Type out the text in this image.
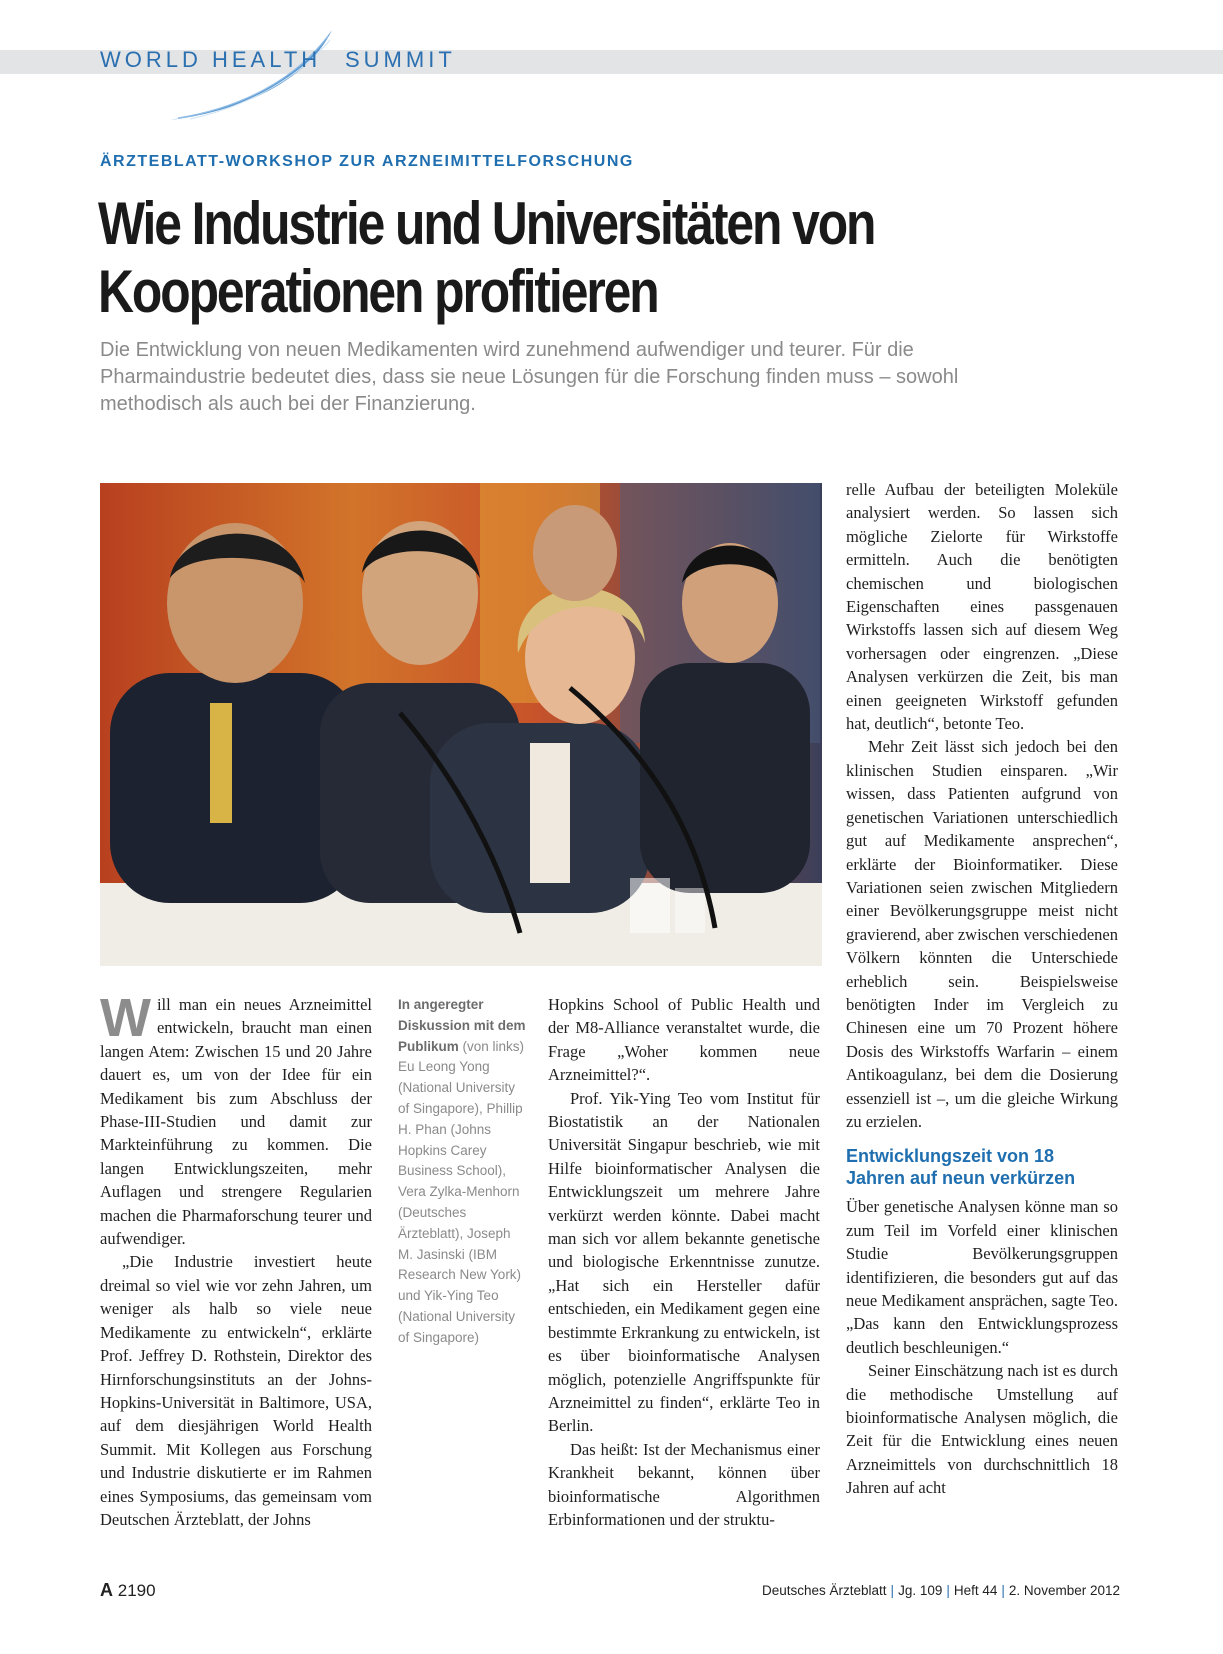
WORLD HEALTH SUMMIT
ÄRZTEBLATT-WORKSHOP ZUR ARZNEIMITTELFORSCHUNG
Wie Industrie und Universitäten von
Kooperationen profitieren
Die Entwicklung von neuen Medikamenten wird zunehmend aufwendiger und teurer. Für die Pharmaindustrie bedeutet dies, dass sie neue Lösungen für die Forschung finden muss – sowohl methodisch als auch bei der Finanzierung.
In angeregter Diskussion mit dem Publikum (von links) Eu Leong Yong (National University of Singapore), Phillip H. Phan (Johns Hopkins Carey Business School), Vera Zylka-Menhorn (Deutsches Ärzteblatt), Joseph M. Jasinski (IBM Research New York) und Yik-Ying Teo (National University of Singapore)

Will man ein neues Arzneimittel entwickeln, braucht man einen langen Atem: Zwischen 15 und 20 Jahre dauert es, um von der Idee für ein Medikament bis zum Abschluss der Phase-III-Studien und damit zur Markteinführung zu kommen. Die langen Entwicklungszeiten, mehr Auflagen und strengere Regularien machen die Pharmaforschung teurer und aufwendiger.

„Die Industrie investiert heute dreimal so viel wie vor zehn Jahren, um weniger als halb so viele neue Medikamente zu entwickeln“, erklärte Prof. Jeffrey D. Rothstein, Direktor des Hirnforschungsinstituts an der Johns-Hopkins-Universität in Baltimore, USA, auf dem diesjährigen World Health Summit. Mit Kollegen aus Forschung und Industrie diskutierte er im Rahmen eines Symposiums, das gemeinsam vom Deutschen Ärzteblatt, der Johns

Hopkins School of Public Health und der M8-Alliance veranstaltet wurde, die Frage „Woher kommen neue Arzneimittel?“.

Prof. Yik-Ying Teo vom Institut für Biostatistik an der Nationalen Universität Singapur beschrieb, wie mit Hilfe bioinformatischer Analysen die Entwicklungszeit um mehrere Jahre verkürzt werden könnte. Dabei macht man sich vor allem bekannte genetische und biologische Erkenntnisse zunutze. „Hat sich ein Hersteller dafür entschieden, ein Medikament gegen eine bestimmte Erkrankung zu entwickeln, ist es über bioinformatische Analysen möglich, potenzielle Angriffspunkte für Arzneimittel zu finden“, erklärte Teo in Berlin.

Das heißt: Ist der Mechanismus einer Krankheit bekannt, können über bioinformatische Algorithmen Erbinformationen und der struktu-

relle Aufbau der beteiligten Moleküle analysiert werden. So lassen sich mögliche Zielorte für Wirkstoffe ermitteln. Auch die benötigten chemischen und biologischen Eigenschaften eines passgenauen Wirkstoffs lassen sich auf diesem Weg vorhersagen oder eingrenzen. „Diese Analysen verkürzen die Zeit, bis man einen geeigneten Wirkstoff gefunden hat, deutlich“, betonte Teo.

Mehr Zeit lässt sich jedoch bei den klinischen Studien einsparen. „Wir wissen, dass Patienten aufgrund von genetischen Variationen unterschiedlich gut auf Medikamente ansprechen“, erklärte der Bioinformatiker. Diese Variationen seien zwischen Mitgliedern einer Bevölkerungsgruppe meist nicht gravierend, aber zwischen verschiedenen Völkern könnten die Unterschiede erheblich sein. Beispielsweise benötigten Inder im Vergleich zu Chinesen eine um 70 Prozent höhere Dosis des Wirkstoffs Warfarin – einem Antikoagulanz, bei dem die Dosierung essenziell ist –, um die gleiche Wirkung zu erzielen.

Entwicklungszeit von 18
Jahren auf neun verkürzen

Über genetische Analysen könne man so zum Teil im Vorfeld einer klinischen Studie Bevölkerungsgruppen identifizieren, die besonders gut auf das neue Medikament ansprächen, sagte Teo. „Das kann den Entwicklungsprozess deutlich beschleunigen.“

Seiner Einschätzung nach ist es durch die methodische Umstellung auf bioinformatische Analysen möglich, die Zeit für die Entwicklung eines neuen Arzneimittels von durchschnittlich 18 Jahren auf acht

A 2190	Deutsches Ärzteblatt | Jg. 109 | Heft 44 | 2. November 2012
